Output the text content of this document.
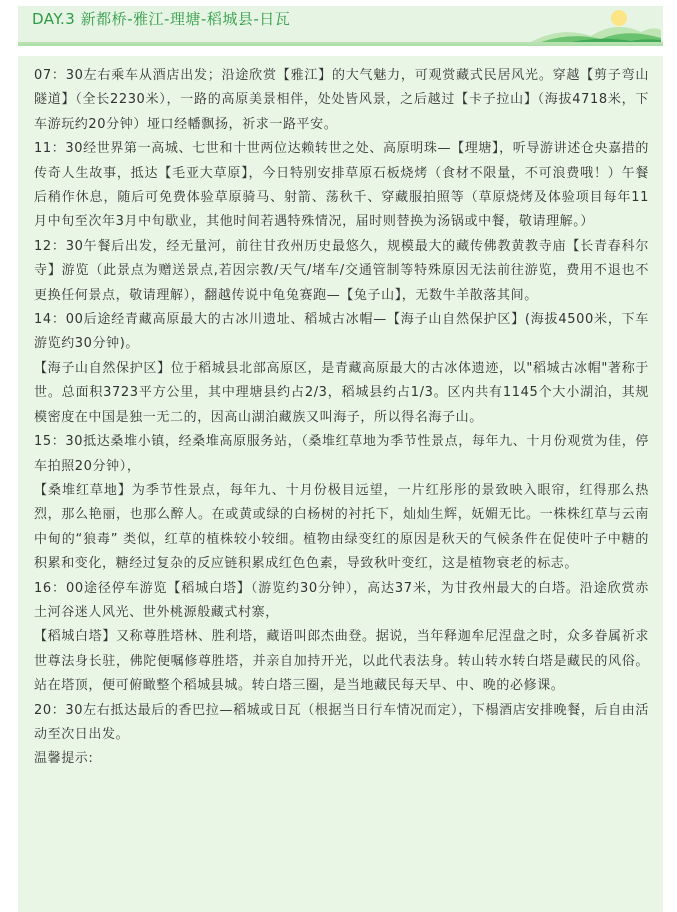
DAY.3 新都桥-雅江-理塘-稻城县-日瓦

07：30左右乘车从酒店出发；沿途欣赏【雅江】的大气魅力，可观赏藏式民居风光。穿越【剪子弯山隧道】（全长2230米），一路的高原美景相伴，处处皆风景，之后越过【卡子拉山】（海拔4718米，下车游玩约20分钟）垭口经幡飘扬，祈求一路平安。

11：30经世界第一高城、七世和十世两位达赖转世之处、高原明珠—【理塘】，听导游讲述仓央嘉措的传奇人生故事，抵达【毛亚大草原】，今日特别安排草原石板烧烤（食材不限量，不可浪费哦！）午餐后稍作休息，随后可免费体验草原骑马、射箭、荡秋千、穿藏服拍照等（草原烧烤及体验项目每年11月中旬至次年3月中旬歇业，其他时间若遇特殊情况，届时则替换为汤锅或中餐，敬请理解。）

12：30午餐后出发，经无量河，前往甘孜州历史最悠久，规模最大的藏传佛教黄教寺庙【长青春科尔寺】游览（此景点为赠送景点,若因宗教/天气/堵车/交通管制等特殊原因无法前往游览，费用不退也不更换任何景点，敬请理解），翻越传说中龟兔赛跑—【兔子山】，无数牛羊散落其间。

14：00后途经青藏高原最大的古冰川遗址、稻城古冰帽—【海子山自然保护区】(海拔4500米，下车游览约30分钟)。

【海子山自然保护区】位于稻城县北部高原区，是青藏高原最大的古冰体遗迹，以"稻城古冰帽"著称于世。总面积3723平方公里，其中理塘县约占2/3，稻城县约占1/3。区内共有1145个大小湖泊，其规模密度在中国是独一无二的，因高山湖泊藏族又叫海子，所以得名海子山。

15：30抵达桑堆小镇，经桑堆高原服务站，（桑堆红草地为季节性景点，每年九、十月份观赏为佳，停车拍照20分钟），

【桑堆红草地】为季节性景点，每年九、十月份极目远望，一片红彤彤的景致映入眼帘，红得那么热烈，那么艳丽，也那么醉人。在或黄或绿的白杨树的衬托下，灿灿生辉，妩媚无比。一株株红草与云南中甸的“狼毒” 类似，红草的植株较小较细。植物由绿变红的原因是秋天的气候条件在促使叶子中糖的积累和变化，糖经过复杂的反应链积累成红色色素，导致秋叶变红，这是植物衰老的标志。

16：00途径停车游览【稻城白塔】（游览约30分钟），高达37米，为甘孜州最大的白塔。沿途欣赏赤土河谷迷人风光、世外桃源般藏式村寨，

【稻城白塔】又称尊胜塔林、胜利塔，藏语叫郎杰曲登。据说，当年释迦牟尼涅盘之时，众多眷属祈求世尊法身长驻，佛陀便嘱修尊胜塔，并亲自加持开光，以此代表法身。转山转水转白塔是藏民的风俗。站在塔顶，便可俯瞰整个稻城县城。转白塔三圈，是当地藏民每天早、中、晚的必修课。

20：30左右抵达最后的香巴拉—稻城或日瓦（根据当日行车情况而定），下榻酒店安排晚餐，后自由活动至次日出发。

温馨提示:
